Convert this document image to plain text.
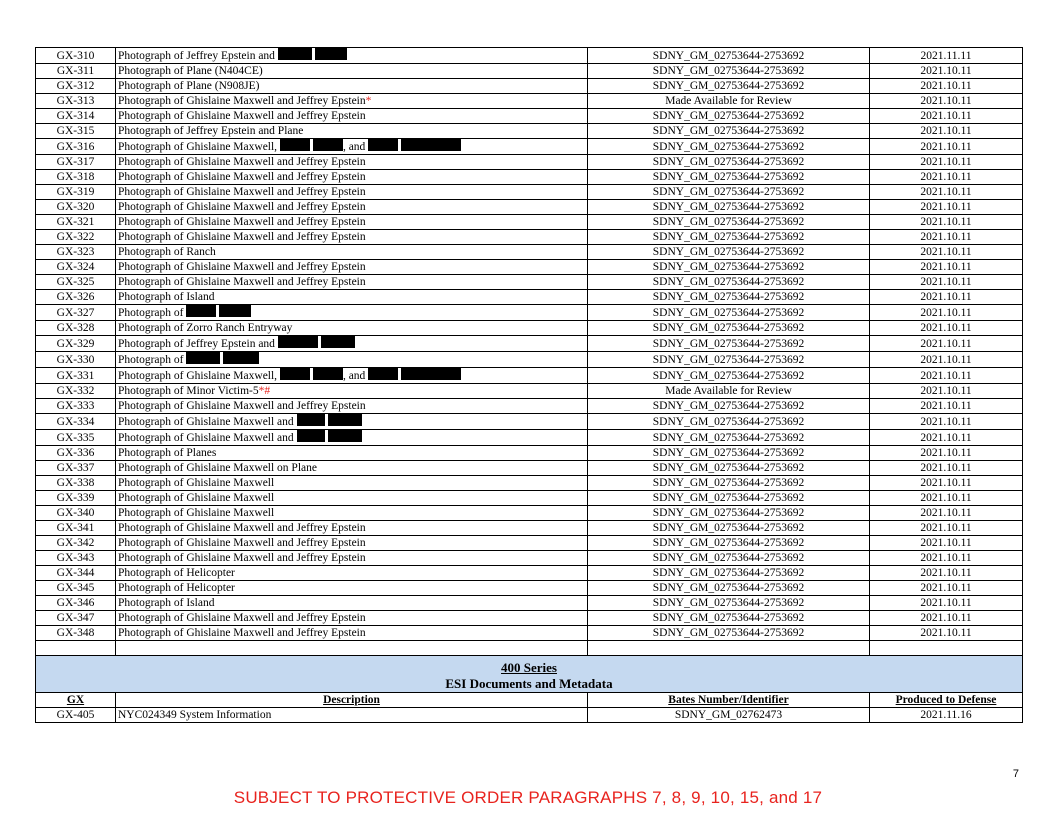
GX-310	Photograph of Jeffrey Epstein and	SDNY_GM_02753644-2753692	2021.11.11
GX-311	Photograph of Plane (N404CE)	SDNY_GM_02753644-2753692	2021.10.11
GX-312	Photograph of Plane (N908JE)	SDNY_GM_02753644-2753692	2021.10.11
GX-313	Photograph of Ghislaine Maxwell and Jeffrey Epstein*	Made Available for Review	2021.10.11
GX-314	Photograph of Ghislaine Maxwell and Jeffrey Epstein	SDNY_GM_02753644-2753692	2021.10.11
GX-315	Photograph of Jeffrey Epstein and Plane	SDNY_GM_02753644-2753692	2021.10.11
GX-316	Photograph of Ghislaine Maxwell, , and	SDNY_GM_02753644-2753692	2021.10.11
GX-317	Photograph of Ghislaine Maxwell and Jeffrey Epstein	SDNY_GM_02753644-2753692	2021.10.11
GX-318	Photograph of Ghislaine Maxwell and Jeffrey Epstein	SDNY_GM_02753644-2753692	2021.10.11
GX-319	Photograph of Ghislaine Maxwell and Jeffrey Epstein	SDNY_GM_02753644-2753692	2021.10.11
GX-320	Photograph of Ghislaine Maxwell and Jeffrey Epstein	SDNY_GM_02753644-2753692	2021.10.11
GX-321	Photograph of Ghislaine Maxwell and Jeffrey Epstein	SDNY_GM_02753644-2753692	2021.10.11
GX-322	Photograph of Ghislaine Maxwell and Jeffrey Epstein	SDNY_GM_02753644-2753692	2021.10.11
GX-323	Photograph of Ranch	SDNY_GM_02753644-2753692	2021.10.11
GX-324	Photograph of Ghislaine Maxwell and Jeffrey Epstein	SDNY_GM_02753644-2753692	2021.10.11
GX-325	Photograph of Ghislaine Maxwell and Jeffrey Epstein	SDNY_GM_02753644-2753692	2021.10.11
GX-326	Photograph of Island	SDNY_GM_02753644-2753692	2021.10.11
GX-327	Photograph of	SDNY_GM_02753644-2753692	2021.10.11
GX-328	Photograph of Zorro Ranch Entryway	SDNY_GM_02753644-2753692	2021.10.11
GX-329	Photograph of Jeffrey Epstein and	SDNY_GM_02753644-2753692	2021.10.11
GX-330	Photograph of	SDNY_GM_02753644-2753692	2021.10.11
GX-331	Photograph of Ghislaine Maxwell, , and	SDNY_GM_02753644-2753692	2021.10.11
GX-332	Photograph of Minor Victim-5*#	Made Available for Review	2021.10.11
GX-333	Photograph of Ghislaine Maxwell and Jeffrey Epstein	SDNY_GM_02753644-2753692	2021.10.11
GX-334	Photograph of Ghislaine Maxwell and	SDNY_GM_02753644-2753692	2021.10.11
GX-335	Photograph of Ghislaine Maxwell and	SDNY_GM_02753644-2753692	2021.10.11
GX-336	Photograph of Planes	SDNY_GM_02753644-2753692	2021.10.11
GX-337	Photograph of Ghislaine Maxwell on Plane	SDNY_GM_02753644-2753692	2021.10.11
GX-338	Photograph of Ghislaine Maxwell	SDNY_GM_02753644-2753692	2021.10.11
GX-339	Photograph of Ghislaine Maxwell	SDNY_GM_02753644-2753692	2021.10.11
GX-340	Photograph of Ghislaine Maxwell	SDNY_GM_02753644-2753692	2021.10.11
GX-341	Photograph of Ghislaine Maxwell and Jeffrey Epstein	SDNY_GM_02753644-2753692	2021.10.11
GX-342	Photograph of Ghislaine Maxwell and Jeffrey Epstein	SDNY_GM_02753644-2753692	2021.10.11
GX-343	Photograph of Ghislaine Maxwell and Jeffrey Epstein	SDNY_GM_02753644-2753692	2021.10.11
GX-344	Photograph of Helicopter	SDNY_GM_02753644-2753692	2021.10.11
GX-345	Photograph of Helicopter	SDNY_GM_02753644-2753692	2021.10.11
GX-346	Photograph of Island	SDNY_GM_02753644-2753692	2021.10.11
GX-347	Photograph of Ghislaine Maxwell and Jeffrey Epstein	SDNY_GM_02753644-2753692	2021.10.11
GX-348	Photograph of Ghislaine Maxwell and Jeffrey Epstein	SDNY_GM_02753644-2753692	2021.10.11

400 Series
ESI Documents and Metadata			

GX	Description	Bates Number/Identifier	Produced to Defense
GX-405	NYC024349 System Information	SDNY_GM_02762473	2021.11.16
7
SUBJECT TO PROTECTIVE ORDER PARAGRAPHS 7, 8, 9, 10, 15, and 17
